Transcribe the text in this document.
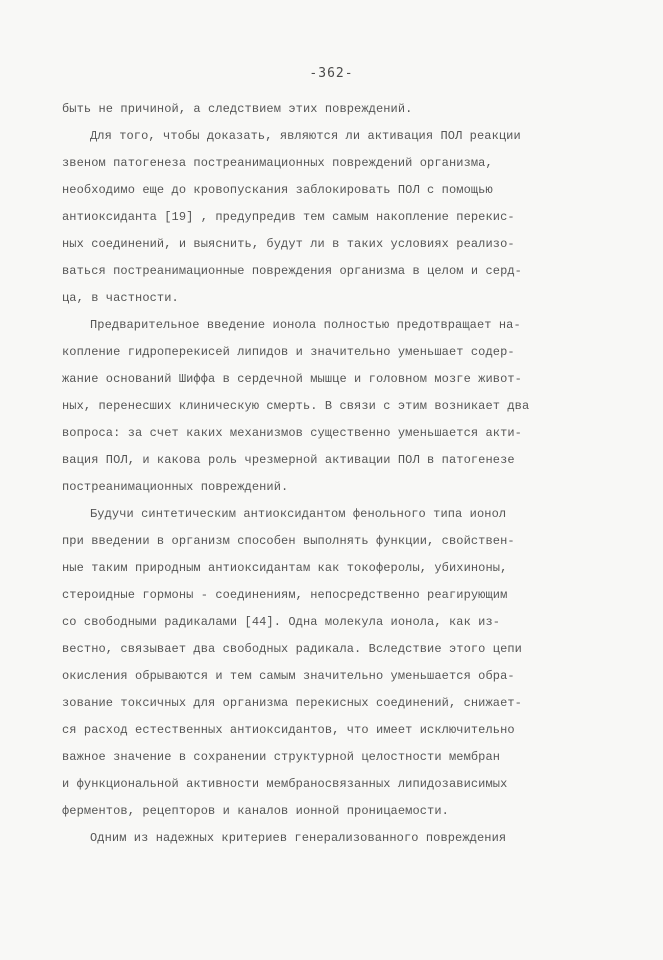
-362-
быть не причиной, а следствием этих повреждений.
Для того, чтобы доказать, являются ли активация ПОЛ реакции
звеном патогенеза постреанимационных повреждений организма,
необходимо еще до кровопускания заблокировать ПОЛ с помощью
антиоксиданта [19] , предупредив тем самым накопление перекис-
ных соединений, и выяснить, будут ли в таких условиях реализо-
ваться постреанимационные повреждения организма в целом и серд-
ца, в частности.
Предварительное введение ионола полностью предотвращает на-
копление гидроперекисей липидов и значительно уменьшает содер-
жание оснований Шиффа в сердечной мышце и головном мозге живот-
ных, перенесших клиническую смерть. В связи с этим возникает два
вопроса: за счет каких механизмов существенно уменьшается акти-
вация ПОЛ, и какова роль чрезмерной активации ПОЛ в патогенезе
постреанимационных повреждений.
Будучи синтетическим антиоксидантом фенольного типа ионол
при введении в организм способен выполнять функции, свойствен-
ные таким природным антиоксидантам как токоферолы, убихиноны,
стероидные гормоны - соединениям, непосредственно реагирующим
со свободными радикалами [44]. Одна молекула ионола, как из-
вестно, связывает два свободных радикала. Вследствие этого цепи
окисления обрываются и тем самым значительно уменьшается обра-
зование токсичных для организма перекисных соединений, снижает-
ся расход естественных антиоксидантов, что имеет исключительно
важное значение в сохранении структурной целостности мембран
и функциональной активности мембраносвязанных липидозависимых
ферментов, рецепторов и каналов ионной проницаемости.
Одним из надежных критериев генерализованного повреждения
